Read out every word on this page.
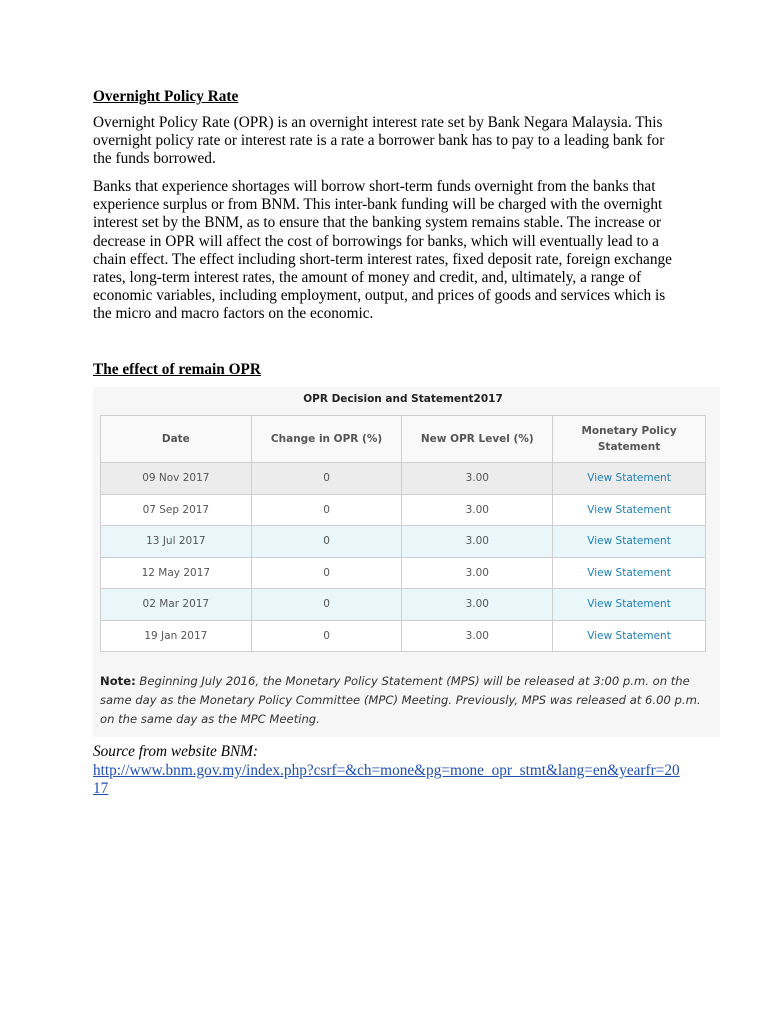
Overnight Policy Rate

Overnight Policy Rate (OPR) is an overnight interest rate set by Bank Negara Malaysia. This overnight policy rate or interest rate is a rate a borrower bank has to pay to a leading bank for the funds borrowed.

Banks that experience shortages will borrow short-term funds overnight from the banks that experience surplus or from BNM. This inter-bank funding will be charged with the overnight interest set by the BNM, as to ensure that the banking system remains stable. The increase or decrease in OPR will affect the cost of borrowings for banks, which will eventually lead to a chain effect. The effect including short-term interest rates, fixed deposit rate, foreign exchange rates, long-term interest rates, the amount of money and credit, and, ultimately, a range of economic variables, including employment, output, and prices of goods and services which is the micro and macro factors on the economic.

The effect of remain OPR
OPR Decision and Statement2017
Date	Change in OPR (%)	New OPR Level (%)	Monetary Policy Statement
09 Nov 2017	0	3.00	View Statement
07 Sep 2017	0	3.00	View Statement
13 Jul 2017	0	3.00	View Statement
12 May 2017	0	3.00	View Statement
02 Mar 2017	0	3.00	View Statement
19 Jan 2017	0	3.00	View Statement
Note: Beginning July 2016, the Monetary Policy Statement (MPS) will be released at 3:00 p.m. on the same day as the Monetary Policy Committee (MPC) Meeting. Previously, MPS was released at 6.00 p.m. on the same day as the MPC Meeting.
Source from website BNM:
http://www.bnm.gov.my/index.php?csrf=&ch=mone&pg=mone_opr_stmt&lang=en&yearfr=2017
